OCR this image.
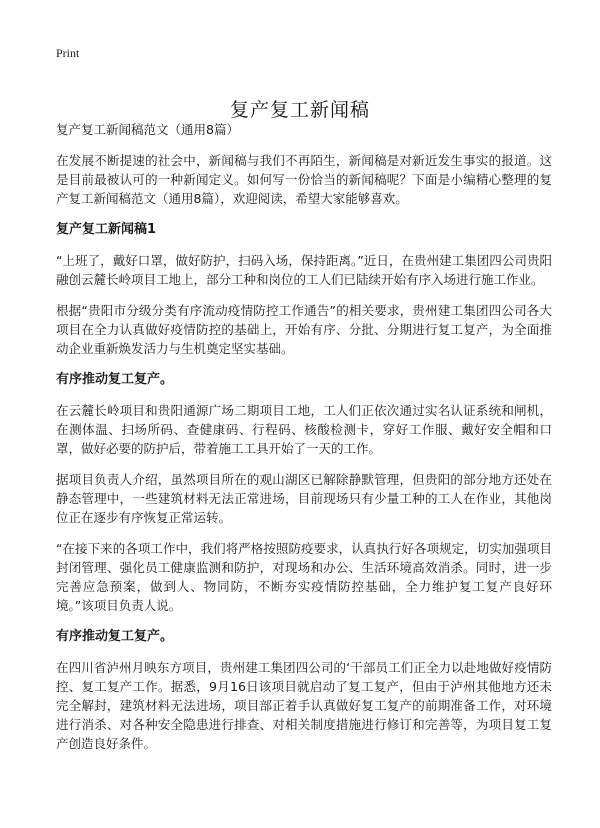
Print
复产复工新闻稿

复产复工新闻稿范文（通用8篇）

在发展不断提速的社会中，新闻稿与我们不再陌生，新闻稿是对新近发生事实的报道。这是目前最被认可的一种新闻定义。如何写一份恰当的新闻稿呢？下面是小编精心整理的复产复工新闻稿范文（通用8篇），欢迎阅读，希望大家能够喜欢。

复产复工新闻稿1

“上班了，戴好口罩，做好防护，扫码入场，保持距离。”近日，在贵州建工集团四公司贵阳融创云麓长岭项目工地上，部分工种和岗位的工人们已陆续开始有序入场进行施工作业。

根据“贵阳市分级分类有序流动疫情防控工作通告”的相关要求，贵州建工集团四公司各大项目在全力认真做好疫情防控的基础上，开始有序、分批、分期进行复工复产，为全面推动企业重新焕发活力与生机奠定坚实基础。

有序推动复工复产。

在云麓长岭项目和贵阳通源广场二期项目工地，工人们正依次通过实名认证系统和闸机，在测体温、扫场所码、查健康码、行程码、核酸检测卡，穿好工作服、戴好安全帽和口罩，做好必要的防护后，带着施工工具开始了一天的工作。

据项目负责人介绍，虽然项目所在的观山湖区已解除静默管理，但贵阳的部分地方还处在静态管理中，一些建筑材料无法正常进场，目前现场只有少量工种的工人在作业，其他岗位正在逐步有序恢复正常运转。

“在接下来的各项工作中，我们将严格按照防疫要求，认真执行好各项规定，切实加强项目封闭管理、强化员工健康监测和防护，对现场和办公、生活环境高效消杀。同时，进一步完善应急预案，做到人、物同防，不断夯实疫情防控基础，全力维护复工复产良好环境。”该项目负责人说。

有序推动复工复产。

在四川省泸州月映东方项目，贵州建工集团四公司的‘干部员工们正全力以赴地做好疫情防控、复工复产工作。据悉，9月16日该项目就启动了复工复产，但由于泸州其他地方还未完全解封，建筑材料无法进场，项目部正着手认真做好复工复产的前期准备工作，对环境进行消杀、对各种安全隐患进行排查、对相关制度措施进行修订和完善等，为项目复工复产创造良好条件。
